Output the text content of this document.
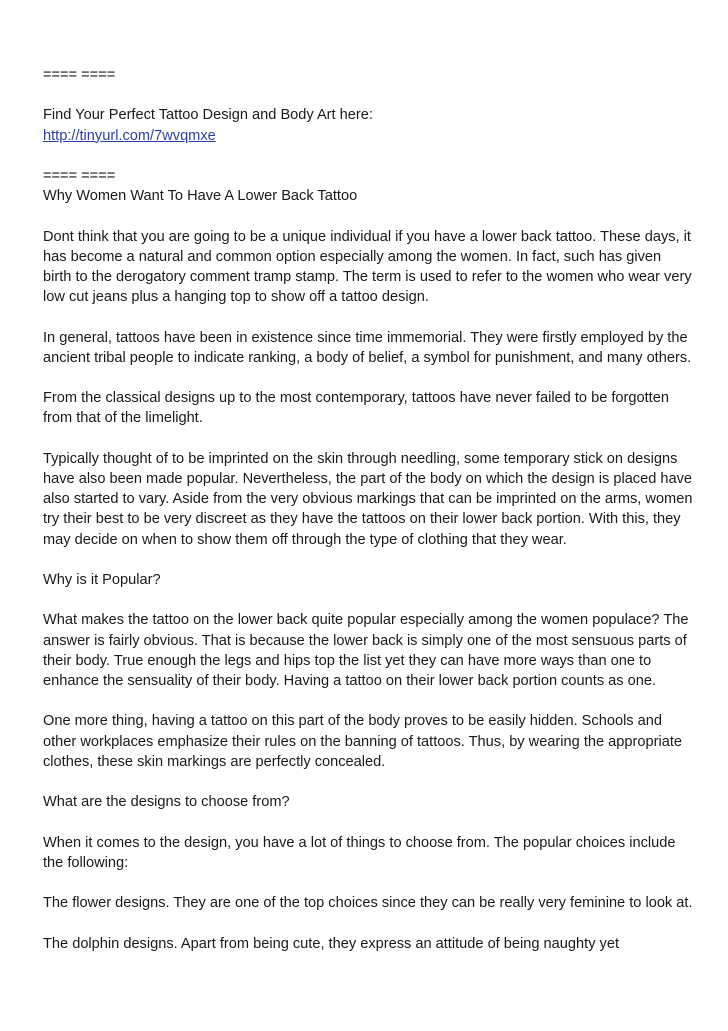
==== ====

Find Your Perfect Tattoo Design and Body Art here:

http://tinyurl.com/7wvqmxe

==== ====

Why Women Want To Have A Lower Back Tattoo

Dont think that you are going to be a unique individual if you have a lower back tattoo. These days, it has become a natural and common option especially among the women. In fact, such has given birth to the derogatory comment tramp stamp. The term is used to refer to the women who wear very low cut jeans plus a hanging top to show off a tattoo design.

In general, tattoos have been in existence since time immemorial. They were firstly employed by the ancient tribal people to indicate ranking, a body of belief, a symbol for punishment, and many others.

From the classical designs up to the most contemporary, tattoos have never failed to be forgotten from that of the limelight.

Typically thought of to be imprinted on the skin through needling, some temporary stick on designs have also been made popular. Nevertheless, the part of the body on which the design is placed have also started to vary. Aside from the very obvious markings that can be imprinted on the arms, women try their best to be very discreet as they have the tattoos on their lower back portion. With this, they may decide on when to show them off through the type of clothing that they wear.

Why is it Popular?

What makes the tattoo on the lower back quite popular especially among the women populace? The answer is fairly obvious. That is because the lower back is simply one of the most sensuous parts of their body. True enough the legs and hips top the list yet they can have more ways than one to enhance the sensuality of their body. Having a tattoo on their lower back portion counts as one.

One more thing, having a tattoo on this part of the body proves to be easily hidden. Schools and other workplaces emphasize their rules on the banning of tattoos. Thus, by wearing the appropriate clothes, these skin markings are perfectly concealed.

What are the designs to choose from?

When it comes to the design, you have a lot of things to choose from. The popular choices include the following:

The flower designs. They are one of the top choices since they can be really very feminine to look at.

The dolphin designs. Apart from being cute, they express an attitude of being naughty yet
